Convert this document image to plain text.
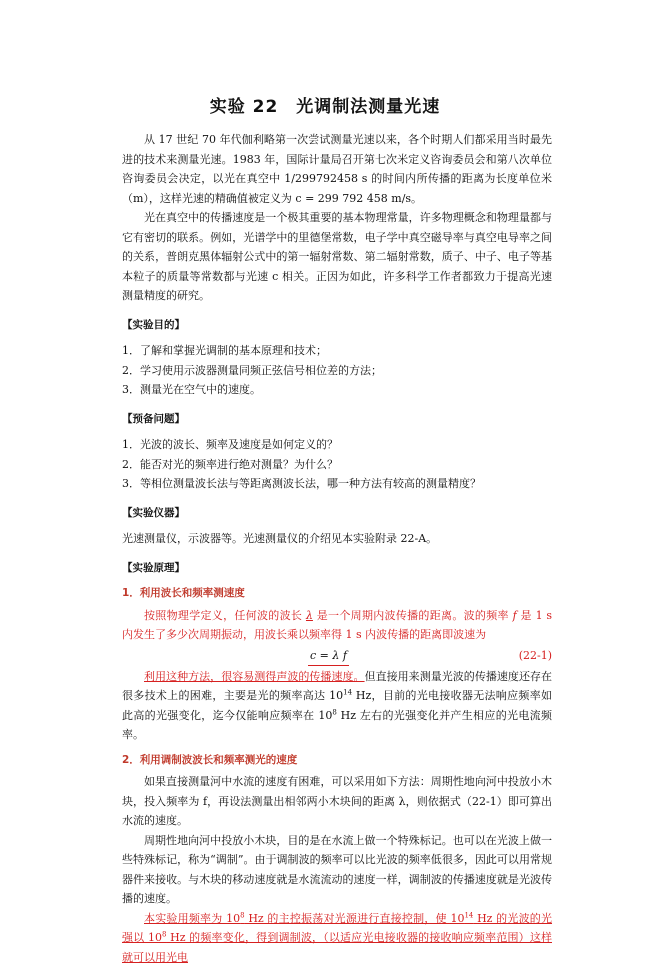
实验 22　光调制法测量光速

从 17 世纪 70 年代伽利略第一次尝试测量光速以来，各个时期人们都采用当时最先进的技术来测量光速。1983 年，国际计量局召开第七次米定义咨询委员会和第八次单位咨询委员会决定，以光在真空中 1/299792458 s 的时间内所传播的距离为长度单位米（m），这样光速的精确值被定义为 c = 299 792 458 m/s。

光在真空中的传播速度是一个极其重要的基本物理常量，许多物理概念和物理量都与它有密切的联系。例如，光谱学中的里德堡常数，电子学中真空磁导率与真空电导率之间的关系，普朗克黑体辐射公式中的第一辐射常数、第二辐射常数，质子、中子、电子等基本粒子的质量等常数都与光速 c 相关。正因为如此，许多科学工作者都致力于提高光速测量精度的研究。

【实验目的】

1．了解和掌握光调制的基本原理和技术；

2．学习使用示波器测量同频正弦信号相位差的方法；

3．测量光在空气中的速度。

【预备问题】

1．光波的波长、频率及速度是如何定义的？

2．能否对光的频率进行绝对测量？为什么？

3．等相位测量波长法与等距离测波长法，哪一种方法有较高的测量精度？

【实验仪器】

光速测量仪，示波器等。光速测量仪的介绍见本实验附录 22-A。

【实验原理】

1．利用波长和频率测速度

按照物理学定义，任何波的波长 λ 是一个周期内波传播的距离。波的频率 f 是 1 s 内发生了多少次周期振动，用波长乘以频率得 1 s 内波传播的距离即波速为

c = λ f	(22-1)

利用这种方法，很容易测得声波的传播速度。但直接用来测量光波的传播速度还存在很多技术上的困难，主要是光的频率高达 $10^{14}$ Hz，目前的光电接收器无法响应频率如此高的光强变化，迄今仅能响应频率在 $10^8$ Hz 左右的光强变化并产生相应的光电流频率。

2．利用调制波波长和频率测光的速度

如果直接测量河中水流的速度有困难，可以采用如下方法：周期性地向河中投放小木块，投入频率为 f，再设法测量出相邻两小木块间的距离 λ，则依据式（22-1）即可算出水流的速度。

周期性地向河中投放小木块，目的是在水流上做一个特殊标记。也可以在光波上做一些特殊标记，称为“调制”。由于调制波的频率可以比光波的频率低很多，因此可以用常规器件来接收。与木块的移动速度就是水流流动的速度一样，调制波的传播速度就是光波传播的速度。

本实验用频率为 $10^8$ Hz 的主控振荡对光源进行直接控制，使 $10^{14}$ Hz 的光波的光强以 $10^8$ Hz 的频率变化，得到调制波，（以适应光电接收器的接收响应频率范围）这样就可以用光电
